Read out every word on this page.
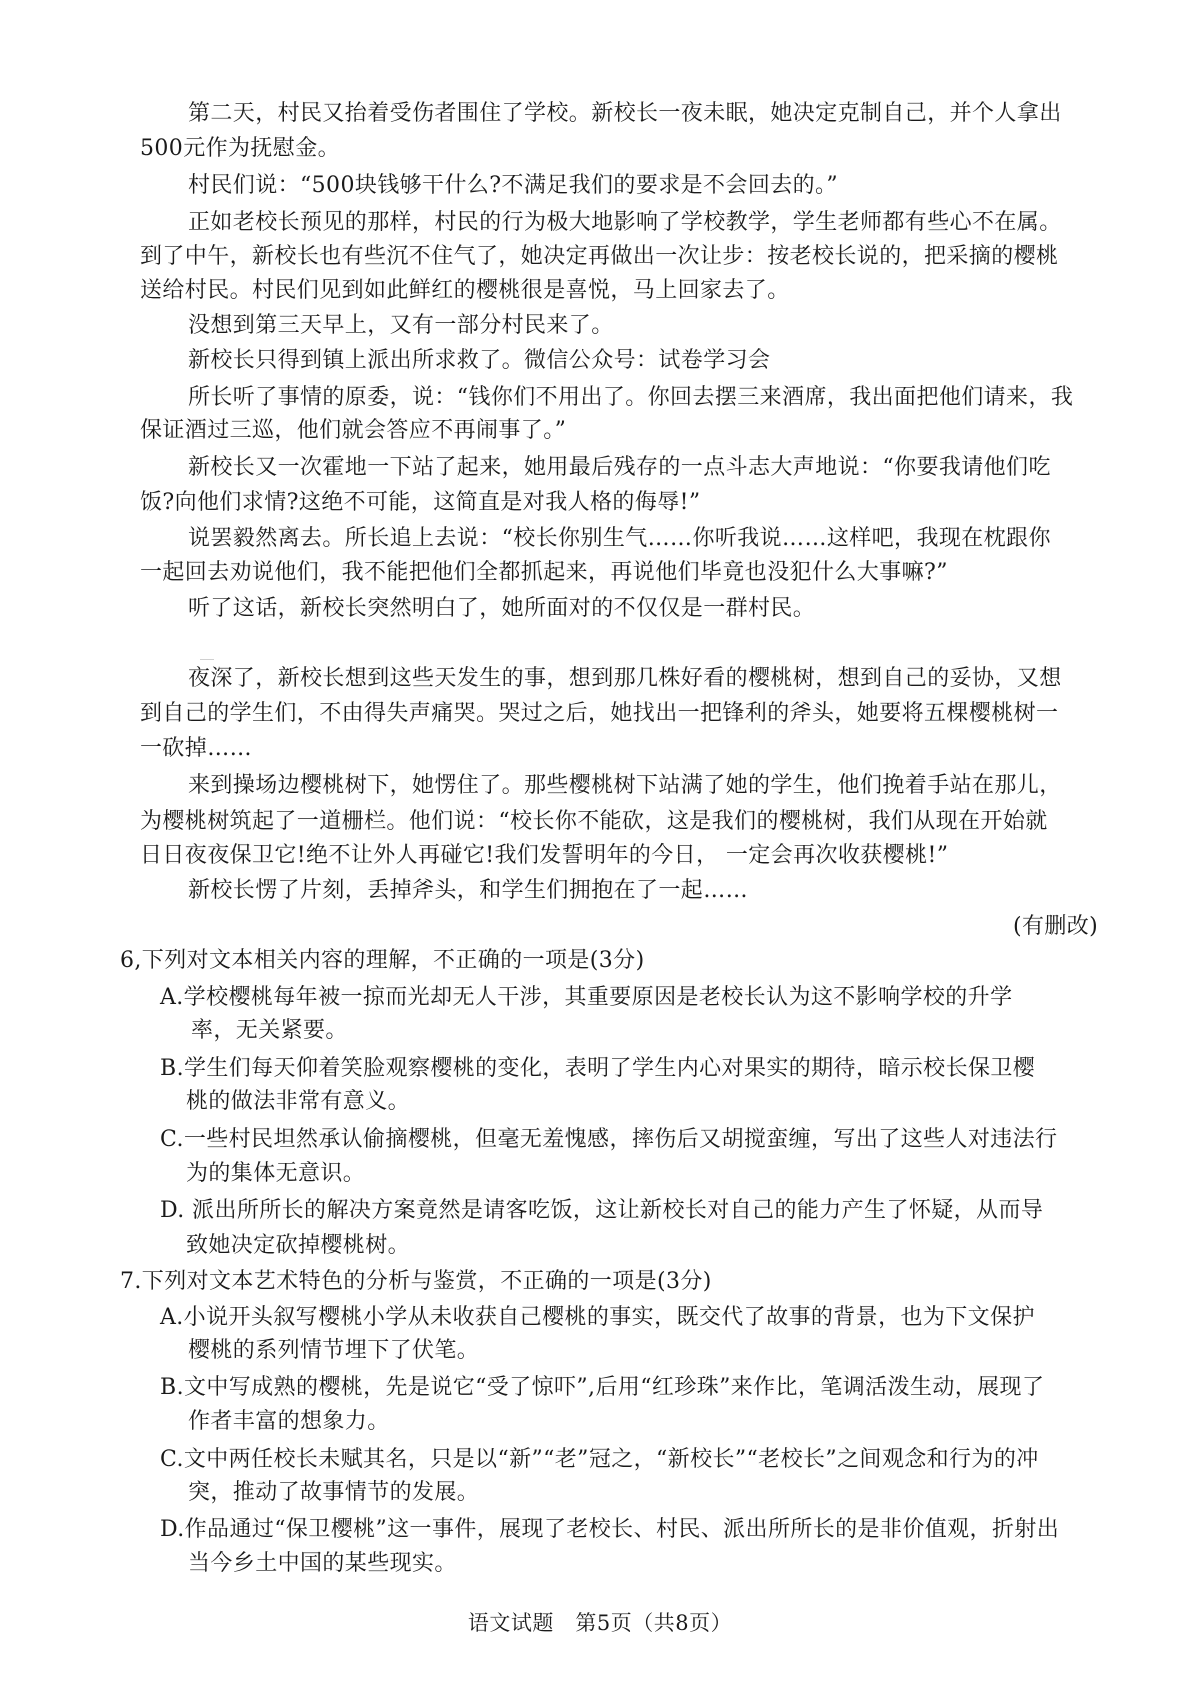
第二天，村民又抬着受伤者围住了学校。新校长一夜未眠，她决定克制自己，并个人拿出
500元作为抚慰金。
村民们说：“500块钱够干什么?不满足我们的要求是不会回去的。”
正如老校长预见的那样，村民的行为极大地影响了学校教学，学生老师都有些心不在属。
到了中午，新校长也有些沉不住气了，她决定再做出一次让步：按老校长说的，把采摘的樱桃
送给村民。村民们见到如此鲜红的樱桃很是喜悦，马上回家去了。
没想到第三天早上，又有一部分村民来了。
新校长只得到镇上派出所求救了。微信公众号：试卷学习会
所长听了事情的原委，说：“钱你们不用出了。你回去摆三来酒席，我出面把他们请来，我
保证酒过三巡，他们就会答应不再闹事了。”
新校长又一次霍地一下站了起来，她用最后残存的一点斗志大声地说：“你要我请他们吃
饭?向他们求情?这绝不可能，这简直是对我人格的侮辱!”
说罢毅然离去。所长追上去说：“校长你别生气……你听我说……这样吧，我现在枕跟你
一起回去劝说他们，我不能把他们全都抓起来，再说他们毕竟也没犯什么大事嘛?”
听了这话，新校长突然明白了，她所面对的不仅仅是一群村民。
夜深了，新校长想到这些天发生的事，想到那几株好看的樱桃树，想到自己的妥协，又想
到自己的学生们，不由得失声痛哭。哭过之后，她找出一把锋利的斧头，她要将五棵樱桃树一
一砍掉……
来到操场边樱桃树下，她愣住了。那些樱桃树下站满了她的学生，他们挽着手站在那儿，
为樱桃树筑起了一道栅栏。他们说：“校长你不能砍，这是我们的樱桃树，我们从现在开始就
日日夜夜保卫它!绝不让外人再碰它!我们发誓明年的今日， 一定会再次收获樱桃!”
新校长愣了片刻，丢掉斧头，和学生们拥抱在了一起……
(有删改)
6,下列对文本相关内容的理解，不正确的一项是(3分)
A.学校樱桃每年被一掠而光却无人干涉，其重要原因是老校长认为这不影响学校的升学
率，无关紧要。
B.学生们每天仰着笑脸观察樱桃的变化，表明了学生内心对果实的期待，暗示校长保卫樱
桃的做法非常有意义。
C.一些村民坦然承认偷摘樱桃，但毫无羞愧感，摔伤后又胡搅蛮缠，写出了这些人对违法行
为的集体无意识。
D. 派出所所长的解决方案竟然是请客吃饭，这让新校长对自己的能力产生了怀疑，从而导
致她决定砍掉樱桃树。
7.下列对文本艺术特色的分析与鉴赏，不正确的一项是(3分)
A.小说开头叙写樱桃小学从未收获自己樱桃的事实，既交代了故事的背景，也为下文保护
樱桃的系列情节埋下了伏笔。
B.文中写成熟的樱桃，先是说它“受了惊吓”,后用“红珍珠”来作比，笔调活泼生动，展现了
作者丰富的想象力。
C.文中两任校长未赋其名，只是以“新”“老”冠之，“新校长”“老校长”之间观念和行为的冲
突，推动了故事情节的发展。
D.作品通过“保卫樱桃”这一事件，展现了老校长、村民、派出所所长的是非价值观，折射出
当今乡土中国的某些现实。
语文试题　第5页（共8页）
